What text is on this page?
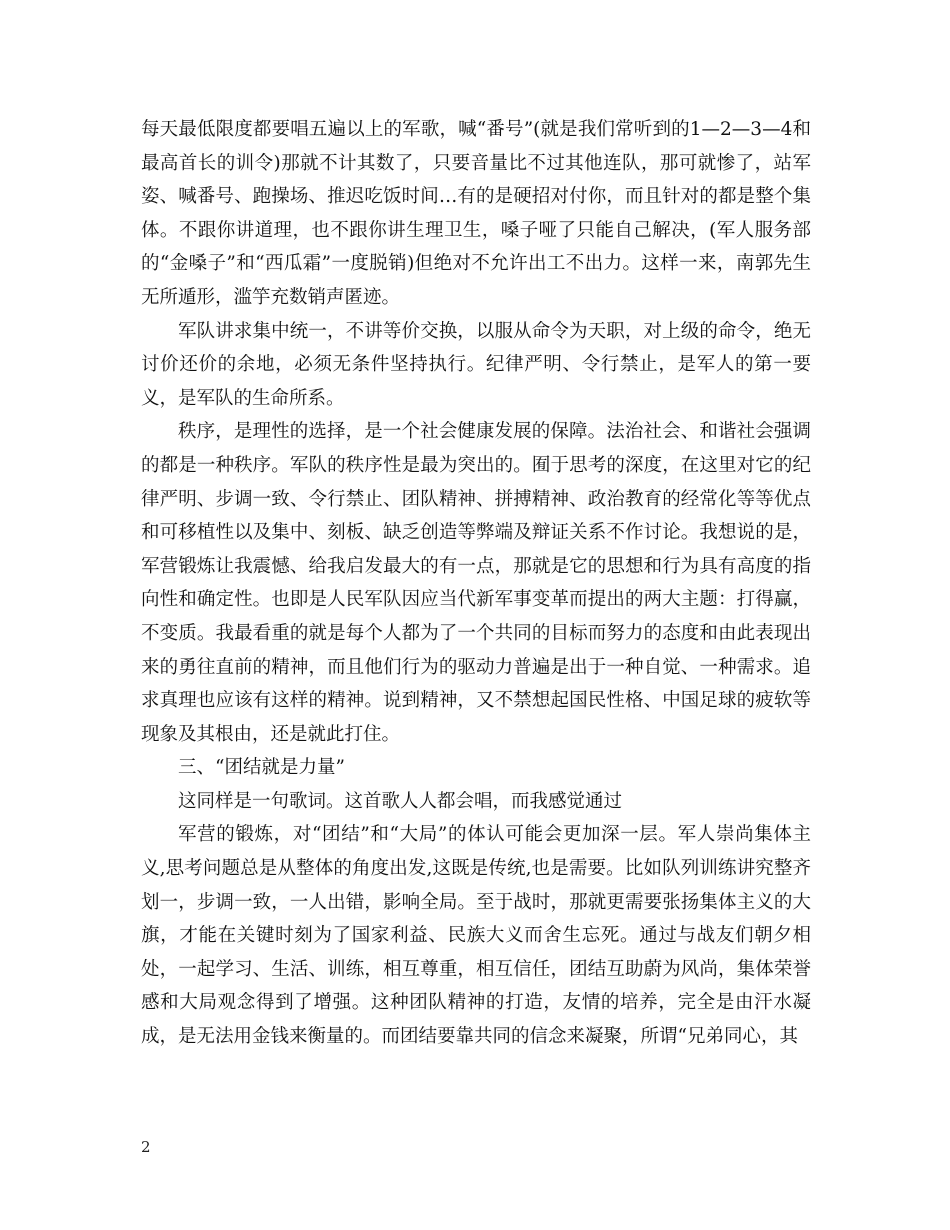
每天最低限度都要唱五遍以上的军歌，喊“番号”(就是我们常听到的1—2—3—4和最高首长的训令)那就不计其数了，只要音量比不过其他连队，那可就惨了，站军姿、喊番号、跑操场、推迟吃饭时间…有的是硬招对付你，而且针对的都是整个集体。不跟你讲道理，也不跟你讲生理卫生，嗓子哑了只能自己解决，(军人服务部的“金嗓子”和“西瓜霜”一度脱销)但绝对不允许出工不出力。这样一来，南郭先生无所遁形，滥竽充数销声匿迹。

军队讲求集中统一，不讲等价交换，以服从命令为天职，对上级的命令，绝无讨价还价的余地，必须无条件坚持执行。纪律严明、令行禁止，是军人的第一要义，是军队的生命所系。

秩序，是理性的选择，是一个社会健康发展的保障。法治社会、和谐社会强调的都是一种秩序。军队的秩序性是最为突出的。囿于思考的深度，在这里对它的纪律严明、步调一致、令行禁止、团队精神、拼搏精神、政治教育的经常化等等优点和可移植性以及集中、刻板、缺乏创造等弊端及辩证关系不作讨论。我想说的是，军营锻炼让我震憾、给我启发最大的有一点，那就是它的思想和行为具有高度的指向性和确定性。也即是人民军队因应当代新军事变革而提出的两大主题：打得赢，不变质。我最看重的就是每个人都为了一个共同的目标而努力的态度和由此表现出来的勇往直前的精神，而且他们行为的驱动力普遍是出于一种自觉、一种需求。追求真理也应该有这样的精神。说到精神，又不禁想起国民性格、中国足球的疲软等现象及其根由，还是就此打住。

三、“团结就是力量”

这同样是一句歌词。这首歌人人都会唱，而我感觉通过

军营的锻炼，对“团结”和“大局”的体认可能会更加深一层。军人崇尚集体主义,思考问题总是从整体的角度出发,这既是传统,也是需要。比如队列训练讲究整齐划一，步调一致，一人出错，影响全局。至于战时，那就更需要张扬集体主义的大旗，才能在关键时刻为了国家利益、民族大义而舍生忘死。通过与战友们朝夕相处，一起学习、生活、训练，相互尊重，相互信任，团结互助蔚为风尚，集体荣誉感和大局观念得到了增强。这种团队精神的打造，友情的培养，完全是由汗水凝成，是无法用金钱来衡量的。而团结要靠共同的信念来凝聚，所谓“兄弟同心，其

2
